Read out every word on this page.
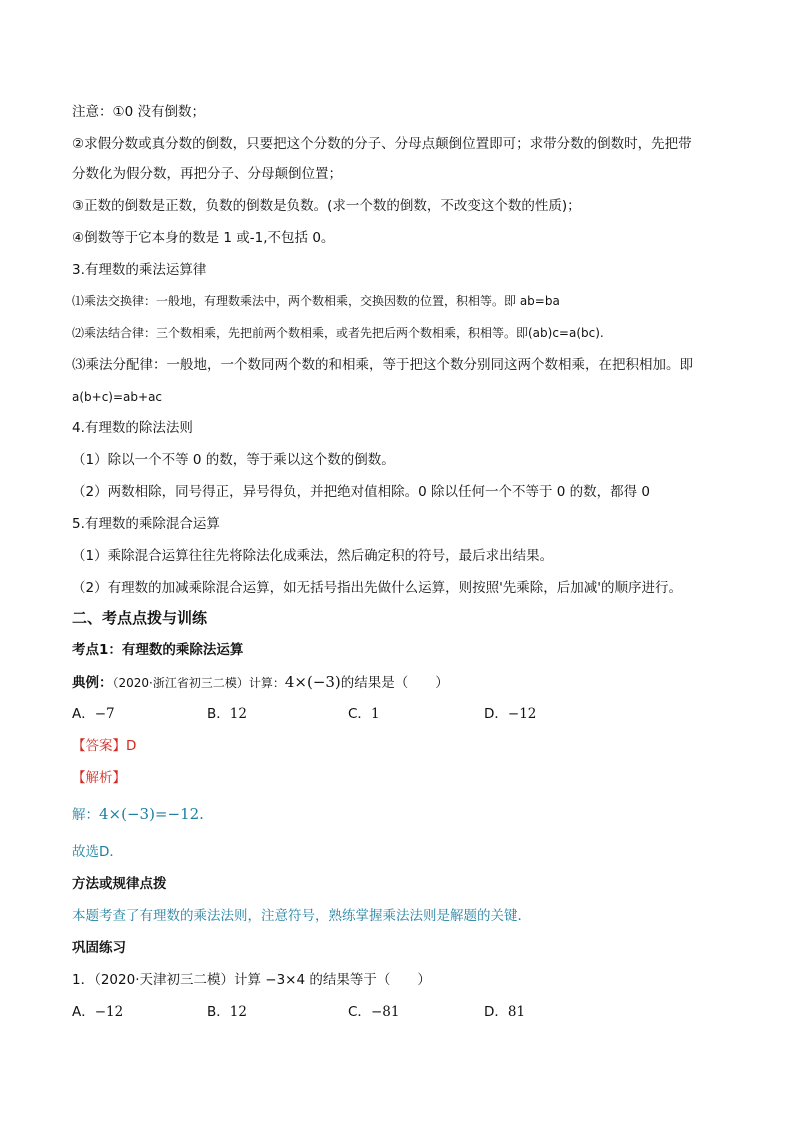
注意：①0 没有倒数；
②求假分数或真分数的倒数，只要把这个分数的分子、分母点颠倒位置即可；求带分数的倒数时，先把带
分数化为假分数，再把分子、分母颠倒位置；
③正数的倒数是正数，负数的倒数是负数。(求一个数的倒数，不改变这个数的性质)；
④倒数等于它本身的数是 1 或-1,不包括 0。
3.有理数的乘法运算律
⑴乘法交换律：一般地，有理数乘法中，两个数相乘，交换因数的位置，积相等。即 ab=ba
⑵乘法结合律：三个数相乘，先把前两个数相乘，或者先把后两个数相乘，积相等。即(ab)c=a(bc).
⑶乘法分配律：一般地，一个数同两个数的和相乘，等于把这个数分别同这两个数相乘，在把积相加。即
a(b+c)=ab+ac
4.有理数的除法法则
（1）除以一个不等 0 的数，等于乘以这个数的倒数。
（2）两数相除，同号得正，异号得负，并把绝对值相除。0 除以任何一个不等于 0 的数，都得 0
5.有理数的乘除混合运算
（1）乘除混合运算往往先将除法化成乘法，然后确定积的符号，最后求出结果。
（2）有理数的加减乘除混合运算，如无括号指出先做什么运算，则按照'先乘除，后加减'的顺序进行。
二、考点点拨与训练
考点1：有理数的乘除法运算
典例：（2020·浙江省初三二模）计算：4×(−3)的结果是（　　）
A．−7	B．12	C．1	D．−12
【答案】D
【解析】
解：4×(−3)=−12.
故选D．
方法或规律点拨
本题考查了有理数的乘法法则，注意符号，熟练掌握乘法法则是解题的关键．
巩固练习
1．（2020·天津初三二模）计算 −3×4 的结果等于（　　）
A．−12	B．12	C．−81	D．81
